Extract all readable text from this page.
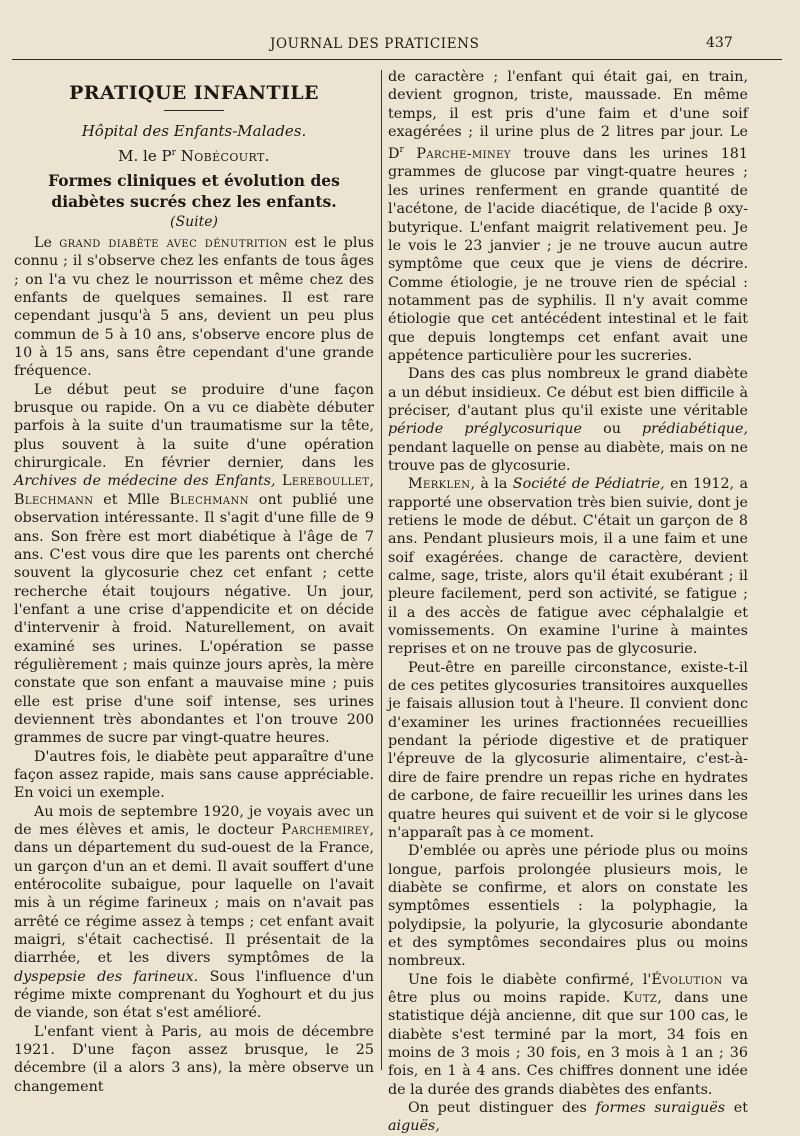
JOURNAL DES PRATICIENS	437

PRATIQUE INFANTILE

Hôpital des Enfants-Malades.

M. le $P^r$ Nobécourt.

Formes cliniques et évolution des diabètes sucrés chez les enfants.

(Suite)

Le grand diabète avec dénutrition est le plus connu ; il s'observe chez les enfants de tous âges ; on l'a vu chez le nourrisson et même chez des enfants de quelques semaines. Il est rare cependant jusqu'à 5 ans, devient un peu plus commun de 5 à 10 ans, s'observe encore plus de 10 à 15 ans, sans être cependant d'une grande fréquence.

Le début peut se produire d'une façon brusque ou rapide. On a vu ce diabète débuter parfois à la suite d'un traumatisme sur la tête, plus souvent à la suite d'une opération chirurgicale. En février dernier, dans les Archives de médecine des Enfants, Lereboullet, Blechmann et Mlle Blechmann ont publié une observation intéressante. Il s'agit d'une fille de 9 ans. Son frère est mort diabétique à l'âge de 7 ans. C'est vous dire que les parents ont cherché souvent la glycosurie chez cet enfant ; cette recherche était toujours négative. Un jour, l'enfant a une crise d'appendicite et on décide d'intervenir à froid. Naturellement, on avait examiné ses urines. L'opération se passe régulièrement ; mais quinze jours après, la mère constate que son enfant a mauvaise mine ; puis elle est prise d'une soif intense, ses urines deviennent très abondantes et l'on trouve 200 grammes de sucre par vingt-quatre heures.

D'autres fois, le diabète peut apparaître d'une façon assez rapide, mais sans cause appréciable. En voici un exemple.

Au mois de septembre 1920, je voyais avec un de mes élèves et amis, le docteur Parchemirey, dans un département du sud-ouest de la France, un garçon d'un an et demi. Il avait souffert d'une entérocolite subaigue, pour laquelle on l'avait mis à un régime farineux ; mais on n'avait pas arrêté ce régime assez à temps ; cet enfant avait maigri, s'était cachectisé. Il présentait de la diarrhée, et les divers symptômes de la dyspepsie des farineux. Sous l'influence d'un régime mixte comprenant du Yoghourt et du jus de viande, son état s'est amélioré.

L'enfant vient à Paris, au mois de décembre 1921. D'une façon assez brusque, le 25 décembre (il a alors 3 ans), la mère observe un changement

de caractère ; l'enfant qui était gai, en train, devient grognon, triste, maussade. En même temps, il est pris d'une faim et d'une soif exagérées ; il urine plus de 2 litres par jour. Le $D^r$ Parche-miney trouve dans les urines 181 grammes de glucose par vingt-quatre heures ; les urines renferment en grande quantité de l'acétone, de l'acide diacétique, de l'acide β oxy-butyrique. L'enfant maigrit relativement peu. Je le vois le 23 janvier ; je ne trouve aucun autre symptôme que ceux que je viens de décrire. Comme étiologie, je ne trouve rien de spécial : notamment pas de syphilis. Il n'y avait comme étiologie que cet antécédent intestinal et le fait que depuis longtemps cet enfant avait une appétence particulière pour les sucreries.

Dans des cas plus nombreux le grand diabète a un début insidieux. Ce début est bien difficile à préciser, d'autant plus qu'il existe une véritable période préglycosurique ou prédiabétique, pendant laquelle on pense au diabète, mais on ne trouve pas de glycosurie.

Merklen, à la Société de Pédiatrie, en 1912, a rapporté une observation très bien suivie, dont je retiens le mode de début. C'était un garçon de 8 ans. Pendant plusieurs mois, il a une faim et une soif exagérées. change de caractère, devient calme, sage, triste, alors qu'il était exubérant ; il pleure facilement, perd son activité, se fatigue ; il a des accès de fatigue avec céphalalgie et vomissements. On examine l'urine à maintes reprises et on ne trouve pas de glycosurie.

Peut-être en pareille circonstance, existe-t-il de ces petites glycosuries transitoires auxquelles je faisais allusion tout à l'heure. Il convient donc d'examiner les urines fractionnées recueillies pendant la période digestive et de pratiquer l'épreuve de la glycosurie alimentaire, c'est-à-dire de faire prendre un repas riche en hydrates de carbone, de faire recueillir les urines dans les quatre heures qui suivent et de voir si le glycose n'apparaît pas à ce moment.

D'emblée ou après une période plus ou moins longue, parfois prolongée plusieurs mois, le diabète se confirme, et alors on constate les symptômes essentiels : la polyphagie, la polydipsie, la polyurie, la glycosurie abondante et des symptômes secondaires plus ou moins nombreux.

Une fois le diabète confirmé, l'Évolution va être plus ou moins rapide. Kutz, dans une statistique déjà ancienne, dit que sur 100 cas, le diabète s'est terminé par la mort, 34 fois en moins de 3 mois ; 30 fois, en 3 mois à 1 an ; 36 fois, en 1 à 4 ans. Ces chiffres donnent une idée de la durée des grands diabètes des enfants.

On peut distinguer des formes suraiguës et aiguës,
